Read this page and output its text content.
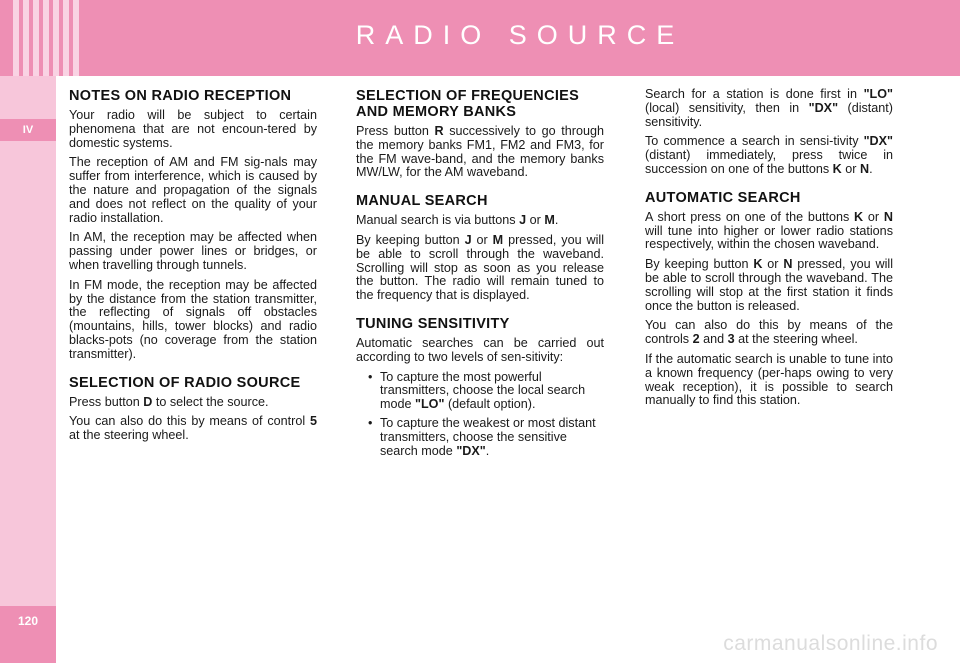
RADIO SOURCE
IV
120
NOTES ON RADIO RECEPTION

Your radio will be subject to certain phenomena that are not encoun-tered by domestic systems.

The reception of AM and FM sig-nals may suffer from interference, which is caused by the nature and propagation of the signals and does not reflect on the quality of your radio installation.

In AM, the reception may be affected when passing under power lines or bridges, or when travelling through tunnels.

In FM mode, the reception may be affected by the distance from the station transmitter, the reflecting of signals off obstacles (mountains, hills, tower blocks) and radio blacks-pots (no coverage from the station transmitter).

SELECTION OF RADIO SOURCE

Press button D to select the source.

You can also do this by means of control 5 at the steering wheel.

SELECTION OF FREQUENCIES AND MEMORY BANKS

Press button R successively to go through the memory banks FM1, FM2 and FM3, for the FM wave-band, and the memory banks MW/LW, for the AM waveband.

MANUAL SEARCH

Manual search is via buttons J or M.

By keeping button J or M pressed, you will be able to scroll through the waveband. Scrolling will stop as soon as you release the button. The radio will remain tuned to the frequency that is displayed.

TUNING SENSITIVITY

Automatic searches can be carried out according to two levels of sen-sitivity:

• To capture the most powerful transmitters, choose the local search mode "LO" (default option).
• To capture the weakest or most distant transmitters, choose the sensitive search mode "DX".

Search for a station is done first in "LO" (local) sensitivity, then in "DX" (distant) sensitivity.

To commence a search in sensi-tivity "DX" (distant) immediately, press twice in succession on one of the buttons K or N.

AUTOMATIC SEARCH

A short press on one of the buttons K or N will tune into higher or lower radio stations respectively, within the chosen waveband.

By keeping button K or N pressed, you will be able to scroll through the waveband. The scrolling will stop at the first station it finds once the button is released.

You can also do this by means of the controls 2 and 3 at the steering wheel.

If the automatic search is unable to tune into a known frequency (per-haps owing to very weak reception), it is possible to search manually to find this station.

carmanualsonline.info
